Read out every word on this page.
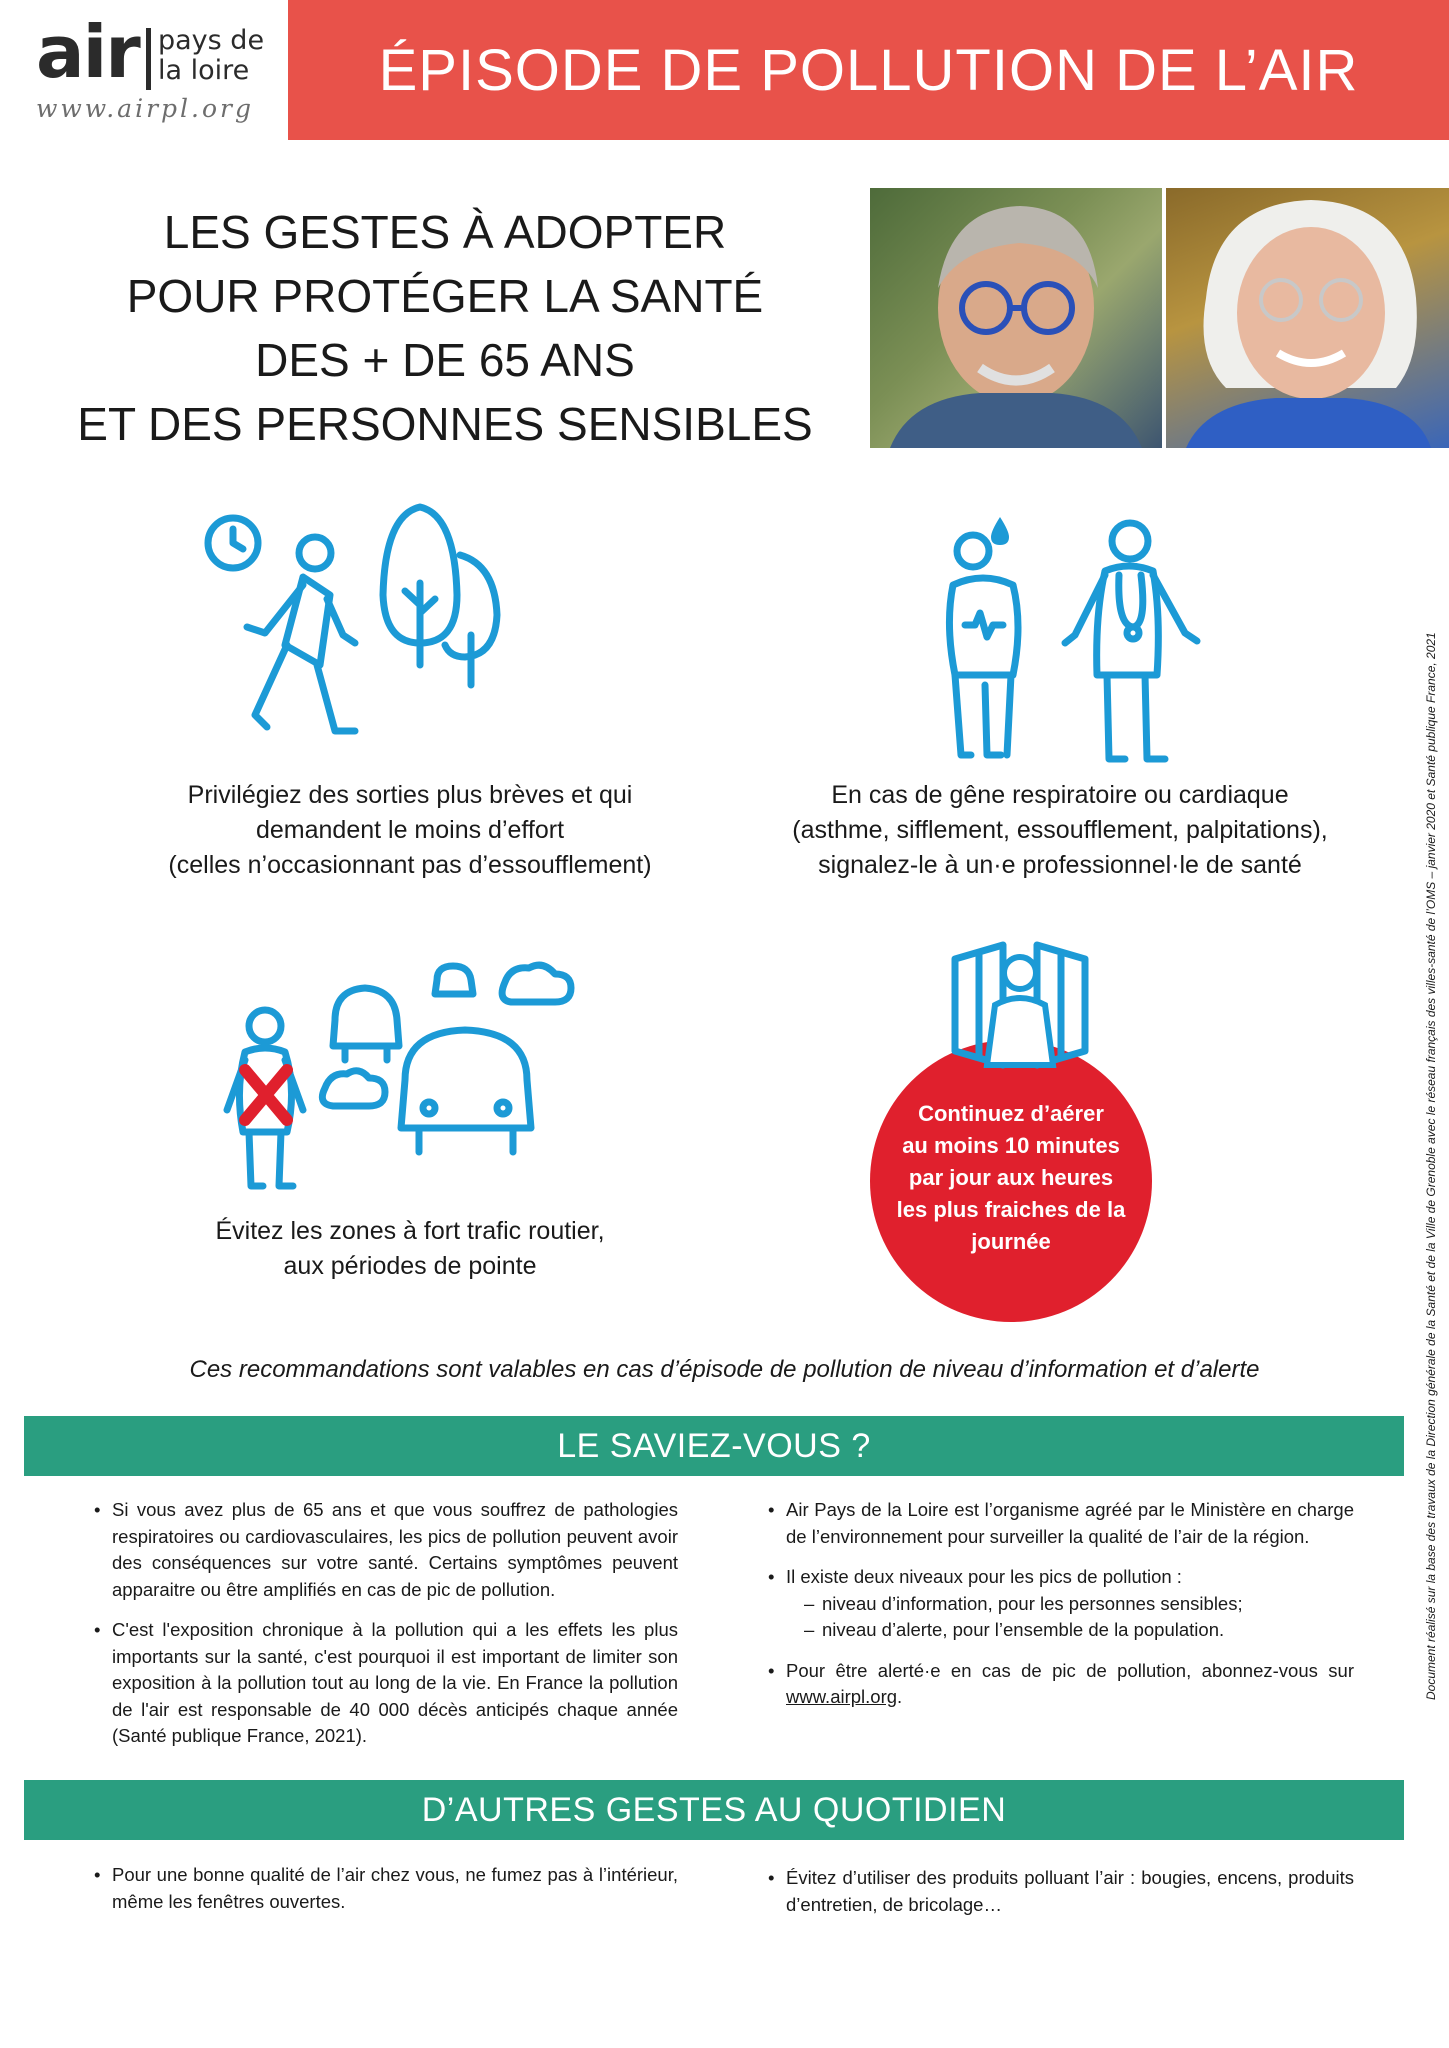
air pays de
la loire
www.airpl.org
ÉPISODE DE POLLUTION DE L’AIR
LES GESTES À ADOPTER
POUR PROTÉGER LA SANTÉ
DES + DE 65 ANS
ET DES PERSONNES SENSIBLES
Privilégiez des sorties plus brèves et qui
demandent le moins d’effort
(celles n’occasionnant pas d’essoufflement)
En cas de gêne respiratoire ou cardiaque
(asthme, sifflement, essoufflement, palpitations),
signalez-le à un·e professionnel·le de santé
Évitez les zones à fort trafic routier,
aux périodes de pointe
Continuez d’aérer
au moins 10 minutes
par jour aux heures
les plus fraiches de la
journée
Ces recommandations sont valables en cas d’épisode de pollution de niveau d’information et d’alerte
LE SAVIEZ-VOUS ?
• Si vous avez plus de 65 ans et que vous souffrez de pathologies respiratoires ou cardiovasculaires, les pics de pollution peuvent avoir des conséquences sur votre santé. Certains symptômes peuvent apparaitre ou être amplifiés en cas de pic de pollution.
• C'est l'exposition chronique à la pollution qui a les effets les plus importants sur la santé, c'est pourquoi il est important de limiter son exposition à la pollution tout au long de la vie. En France la pollution de l'air est responsable de 40 000 décès anticipés chaque année (Santé publique France, 2021).
• Air Pays de la Loire est l’organisme agréé par le Ministère en charge de l’environnement pour surveiller la qualité de l’air de la région.
• Il existe deux niveaux pour les pics de pollution :
– niveau d’information, pour les personnes sensibles;
– niveau d’alerte, pour l’ensemble de la population.
• Pour être alerté·e en cas de pic de pollution, abonnez-vous sur www.airpl.org.
D’AUTRES GESTES AU QUOTIDIEN
• Pour une bonne qualité de l’air chez vous, ne fumez pas à l’intérieur, même les fenêtres ouvertes.
• Évitez d’utiliser des produits polluant l’air : bougies, encens, produits d’entretien, de bricolage…
Document réalisé sur la base des travaux de la Direction générale de la Santé et de la Ville de Grenoble avec le réseau français des villes-santé de l’OMS – janvier 2020 et Santé publique France, 2021
